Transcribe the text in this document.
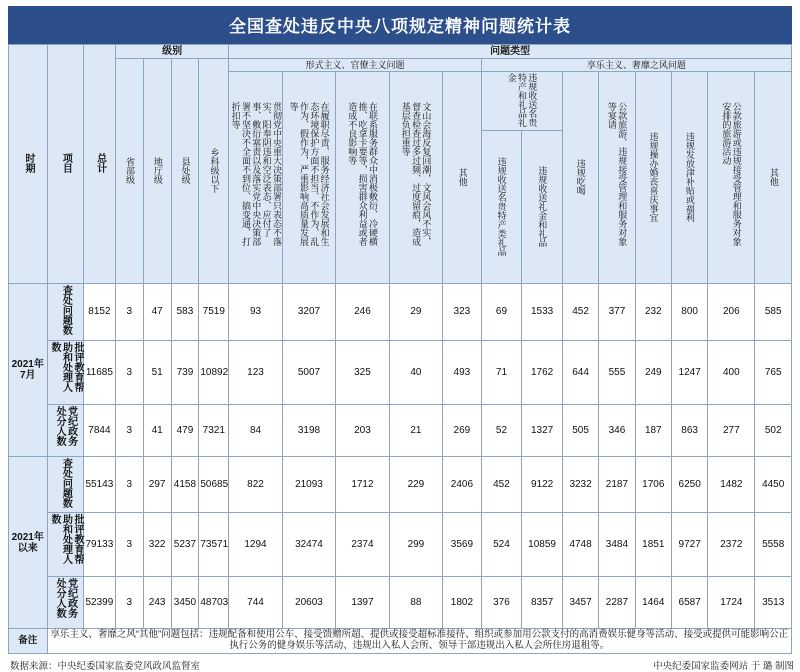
全国查处违反中央八项规定精神问题统计表
时期	项目	总计	级别				问题类型												
			省部级	地厅级	县处级	乡科级以下	形式主义、官僚主义问题					享乐主义、奢靡之风问题							
							贯彻党中央重大决策部署只表态不落实、阳奉阴违和空泛表态、应付了事、敷衍塞责以及落实党中央决策部署不坚决不全面不到位、搞变通、打折扣等	在履职尽责、服务经济社会发展和生态环境保护方面不担当、不作为、乱作为、假作为，严重影响高质量发展等	在联系服务群众中消极敷衍、冷硬横推、吃拿卡要等，损害群众利益或者造成不良影响等	文山会海反复回潮，文风会风不实，督查检查过多过频、过度留痕，造成基层负担重等	其他	违规收送名贵特产和礼品礼金		违规吃喝	公款旅游、违规接受管理和服务对象等宴请	违规操办婚丧喜庆事宜	违规发放津补贴或福利	公款旅游或违规接受管理和服务对象安排的旅游活动	其他
												违规收送名贵特产类礼品	违规收送礼金和礼品						
2021年7月	查处问题数	8152	3	47	583	7519	93	3207	246	29	323	69	1533	452	377	232	800	206	585
	批评教育帮助和处理人数	11685	3	51	739	10892	123	5007	325	40	493	71	1762	644	555	249	1247	400	765
	党纪政务处分人数	7844	3	41	479	7321	84	3198	203	21	269	52	1327	505	346	187	863	277	502
2021年以来	查处问题数	55143	3	297	4158	50685	822	21093	1712	229	2406	452	9122	3232	2187	1706	6250	1482	4450
	批评教育帮助和处理人数	79133	3	322	5237	73571	1294	32474	2374	299	3569	524	10859	4748	3484	1851	9727	2372	5558
	党纪政务处分人数	52399	3	243	3450	48703	744	20603	1397	88	1802	376	8357	3457	2287	1464	6587	1724	3513
备注	享乐主义、奢靡之风“其他”问题包括：违规配备和使用公车、接受馈赠所超、提供或接受超标准接待、组织或参加用公款支付的高消费娱乐健身等活动、接受或提供可能影响公正执行公务的健身娱乐等活动、违规出入私人会所、领导干部违规出入私人会所住房退租等。																		
数据来源：中央纪委国家监委党风政风监督室	中央纪委国家监委网站 于 璐 制图
